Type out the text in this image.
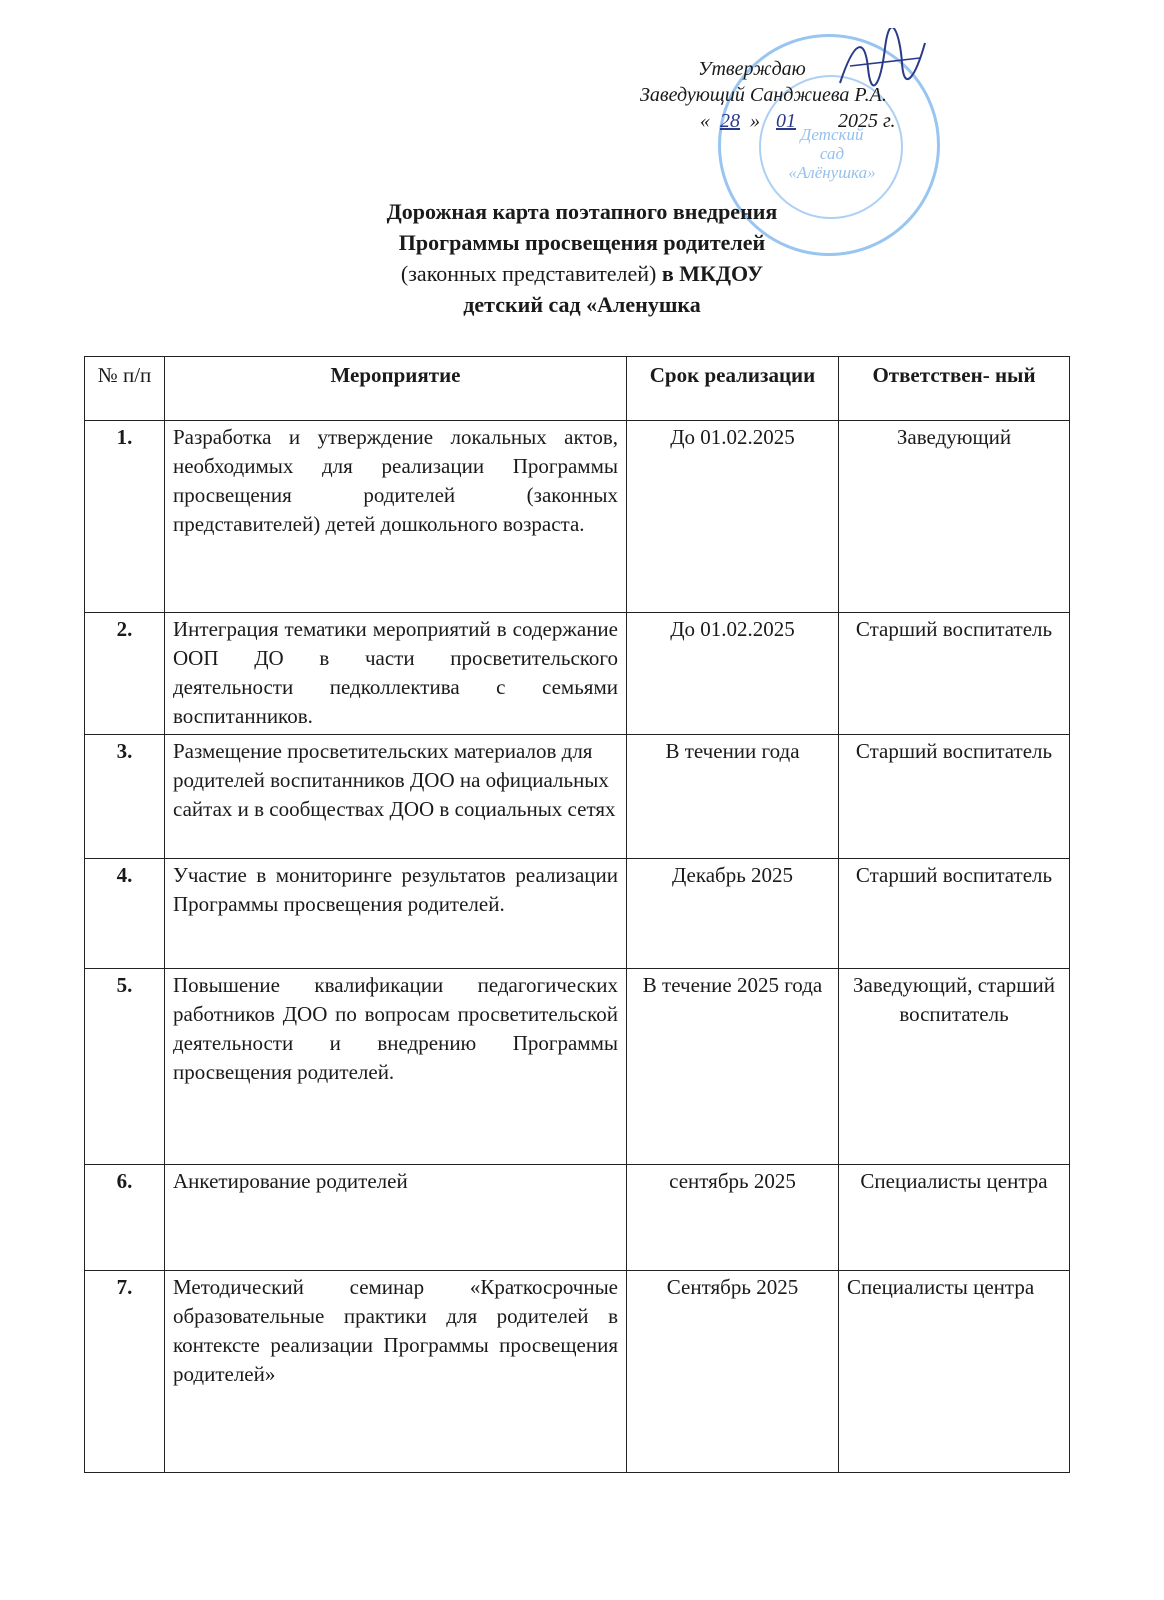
Детский
сад
«Алёнушка»
Утверждаю
Заведующий Санджиева Р.А.
« 28 » 01 2025 г.
Дорожная карта поэтапного внедрения
Программы просвещения родителей
(законных представителей) в МКДОУ
детский сад «Аленушка
№ п/п	Мероприятие	Срок реализации	Ответствен- ный
1.	Разработка и утверждение локальных актов, необходимых для реализации Программы просвещения родителей (законных представителей) детей дошкольного возраста.	До 01.02.2025	Заведующий
2.	Интеграция тематики мероприятий в содержание ООП ДО в части просветительского деятельности педколлектива с семьями воспитанников.	До 01.02.2025	Старший воспитатель
3.	Размещение просветительских материалов для родителей воспитанников ДОО на официальных сайтах и в сообществах ДОО в социальных сетях	В течении года	Старший воспитатель
4.	Участие в мониторинге результатов реализации Программы просвещения родителей.	Декабрь 2025	Старший воспитатель
5.	Повышение квалификации педагогических работников ДОО по вопросам просветительской деятельности и внедрению Программы просвещения родителей.	В течение 2025 года	Заведующий, старший воспитатель
6.	Анкетирование родителей	сентябрь 2025	Специалисты центра
7.	Методический семинар «Краткосрочные образовательные практики для родителей в контексте реализации Программы просвещения родителей»	Сентябрь 2025	Специалисты центра
